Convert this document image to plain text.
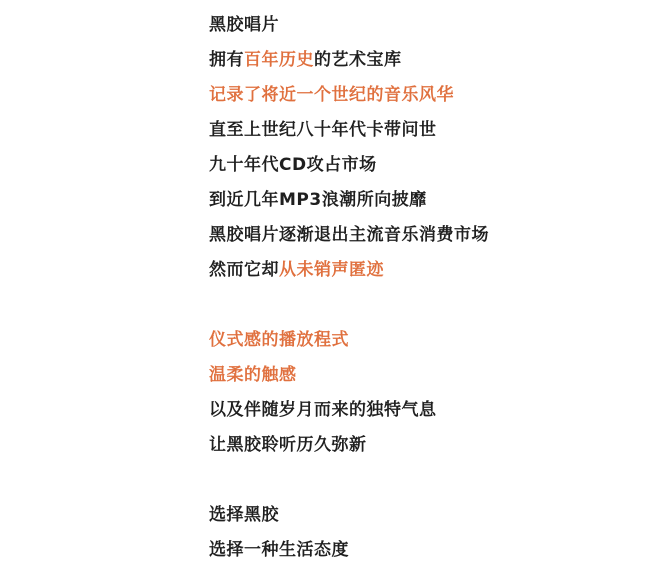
黑胶唱片
拥有百年历史的艺术宝库
记录了将近一个世纪的音乐风华
直至上世纪八十年代卡带问世
九十年代CD攻占市场
到近几年MP3浪潮所向披靡
黑胶唱片逐渐退出主流音乐消费市场
然而它却从未销声匿迹
仪式感的播放程式
温柔的触感
以及伴随岁月而来的独特气息
让黑胶聆听历久弥新
选择黑胶
选择一种生活态度
